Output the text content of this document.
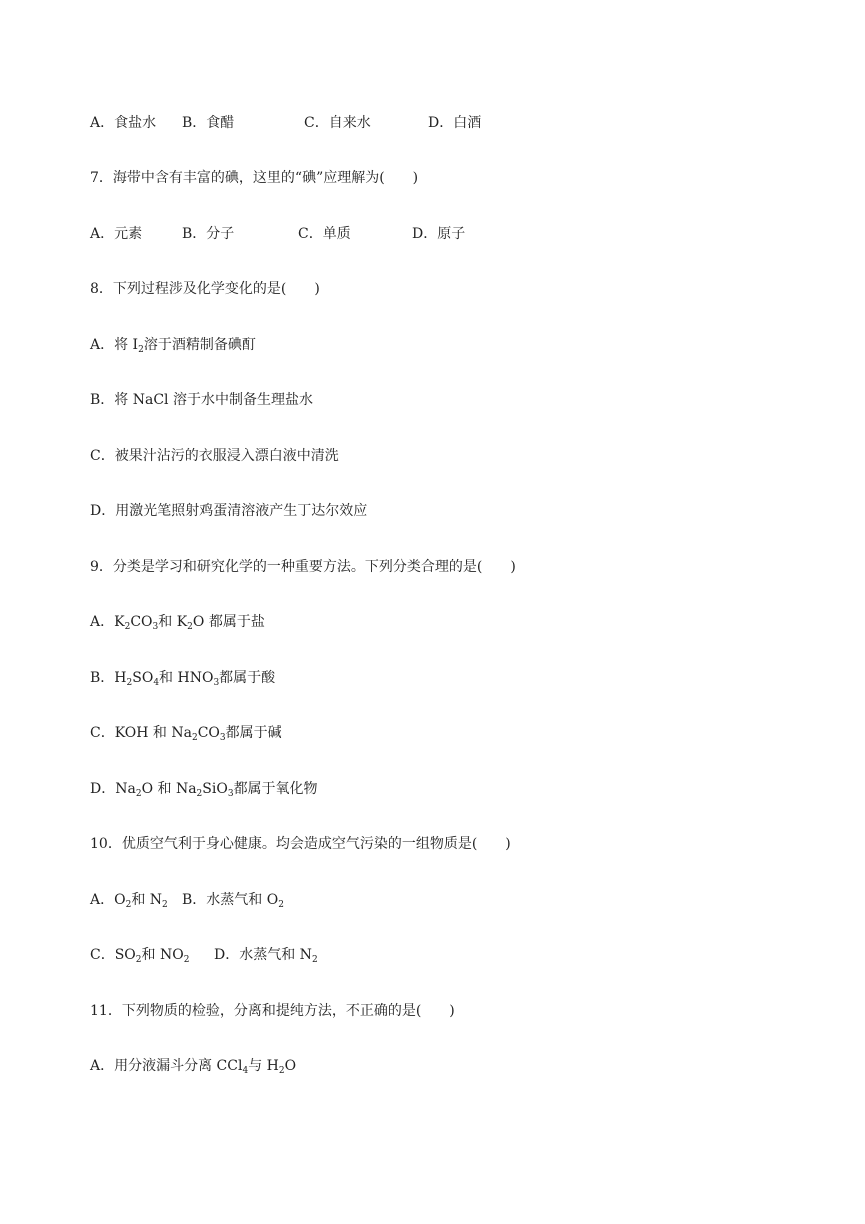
A．食盐水 B．食醋	C．自来水	D．白酒
7．海带中含有丰富的碘，这里的“碘”应理解为(　　)
A．元素	B．分子	C．单质	D．原子
8．下列过程涉及化学变化的是(　　)
A．将 $I_2$溶于酒精制备碘酊
B．将 NaCl 溶于水中制备生理盐水
C．被果汁沾污的衣服浸入漂白液中清洗
D．用激光笔照射鸡蛋清溶液产生丁达尔效应
9．分类是学习和研究化学的一种重要方法。下列分类合理的是(　　)
A．$K_2CO_3$和 $K_2O$ 都属于盐
B．$H_2SO_4$和 $HNO_3$都属于酸
C．KOH 和 $Na_2CO_3$都属于碱
D．$Na_2O$ 和 $Na_2SiO_3$都属于氧化物
10．优质空气利于身心健康。均会造成空气污染的一组物质是(　　)
A．$O_2$和 $N_2$ B．水蒸气和 $O_2$
C．$SO_2$和 $NO_2$ D．水蒸气和 $N_2$
11．下列物质的检验，分离和提纯方法，不正确的是(　　)
A．用分液漏斗分离 CCl$_4$与 $H_2O$
